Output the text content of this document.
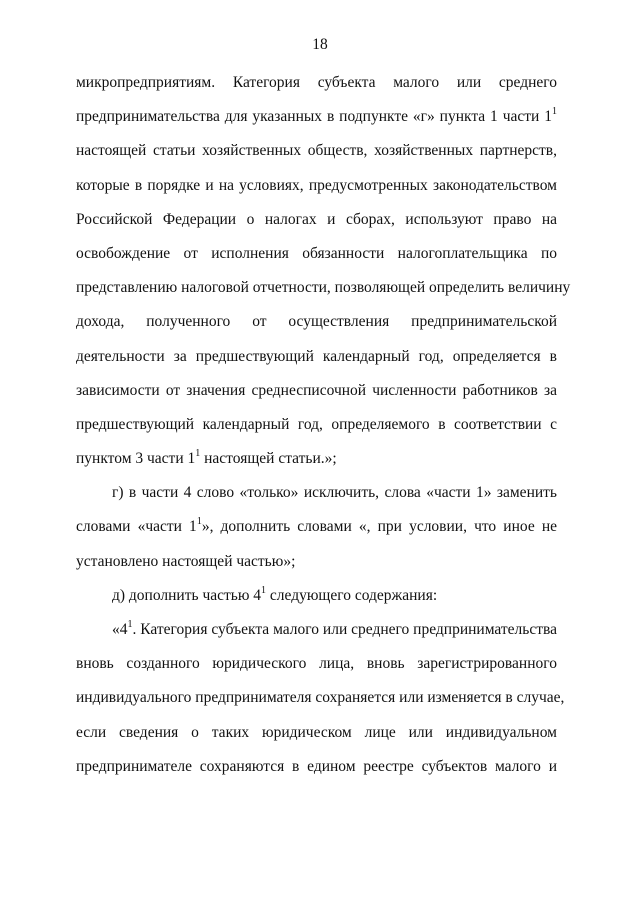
18
микропредприятиям. Категория субъекта малого или среднего
предпринимательства для указанных в подпункте «г» пункта 1 части $1^1$
настоящей статьи хозяйственных обществ, хозяйственных партнерств,
которые в порядке и на условиях, предусмотренных законодательством
Российской Федерации о налогах и сборах, используют право на
освобождение от исполнения обязанности налогоплательщика по
представлению налоговой отчетности, позволяющей определить величину
дохода, полученного от осуществления предпринимательской
деятельности за предшествующий календарный год, определяется в
зависимости от значения среднесписочной численности работников за
предшествующий календарный год, определяемого в соответствии с
пунктом 3 части $1^1$ настоящей статьи.»;
г) в части 4 слово «только» исключить, слова «части 1» заменить
словами «части $1^1$», дополнить словами «, при условии, что иное не
установлено настоящей частью»;
д) дополнить частью $4^1$ следующего содержания:
«$4^1$. Категория субъекта малого или среднего предпринимательства
вновь созданного юридического лица, вновь зарегистрированного
индивидуального предпринимателя сохраняется или изменяется в случае,
если сведения о таких юридическом лице или индивидуальном
предпринимателе сохраняются в едином реестре субъектов малого и
